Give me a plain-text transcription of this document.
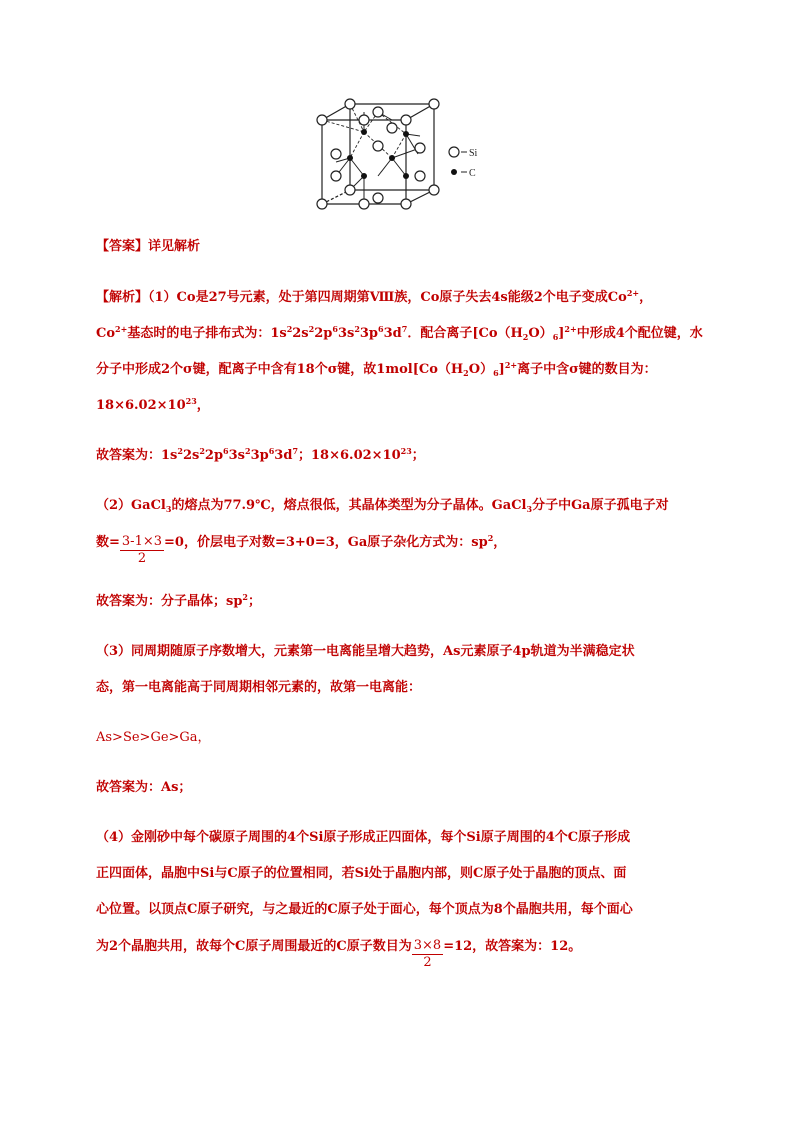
Si
C
【答案】详见解析
【解析】（1）Co是27号元素，处于第四周期第Ⅷ族，Co原子失去4s能级2个电子变成$Co^{2+}$，
$Co^{2+}$基态时的电子排布式为：$1s^22s^22p^63s^23p^63d^7$．配合离子$[Co(H_2O)_6]^{2+}$中形成4个配位键，水
分子中形成2个σ键，配离子中含有18个σ键，故$1mol[Co(H_2O)_6]^{2+}$离子中含σ键的数目为：
$18\times 6.02\times 10^{23}$，
故答案为：$1s^22s^22p^63s^23p^63d^7$；$18\times 6.02\times 10^{23}$；
（2）GaCl$_3$的熔点为77.9℃，熔点很低，其晶体类型为分子晶体。GaCl$_3$分子中Ga原子孤电子对
数= $\frac{3-1\times 3}{2} =0$，价层电子对数=3+0=3，Ga原子杂化方式为：$sp^2$，
故答案为：分子晶体；$sp^2$；
（3）同周期随原子序数增大，元素第一电离能呈增大趋势，As元素原子4p轨道为半满稳定状
态，第一电离能高于同周期相邻元素的，故第一电离能：
As>Se>Ge>Ga，
故答案为：As；
（4）金刚砂中每个碳原子周围的4个Si原子形成正四面体，每个Si原子周围的4个C原子形成
正四面体，晶胞中Si与C原子的位置相同，若Si处于晶胞内部，则C原子处于晶胞的顶点、面
心位置。以顶点C原子研究，与之最近的C原子处于面心，每个顶点为8个晶胞共用，每个面心
为2个晶胞共用，故每个C原子周围最近的C原子数目为 $\frac{3\times 8}{2} =12$，故答案为：12。
